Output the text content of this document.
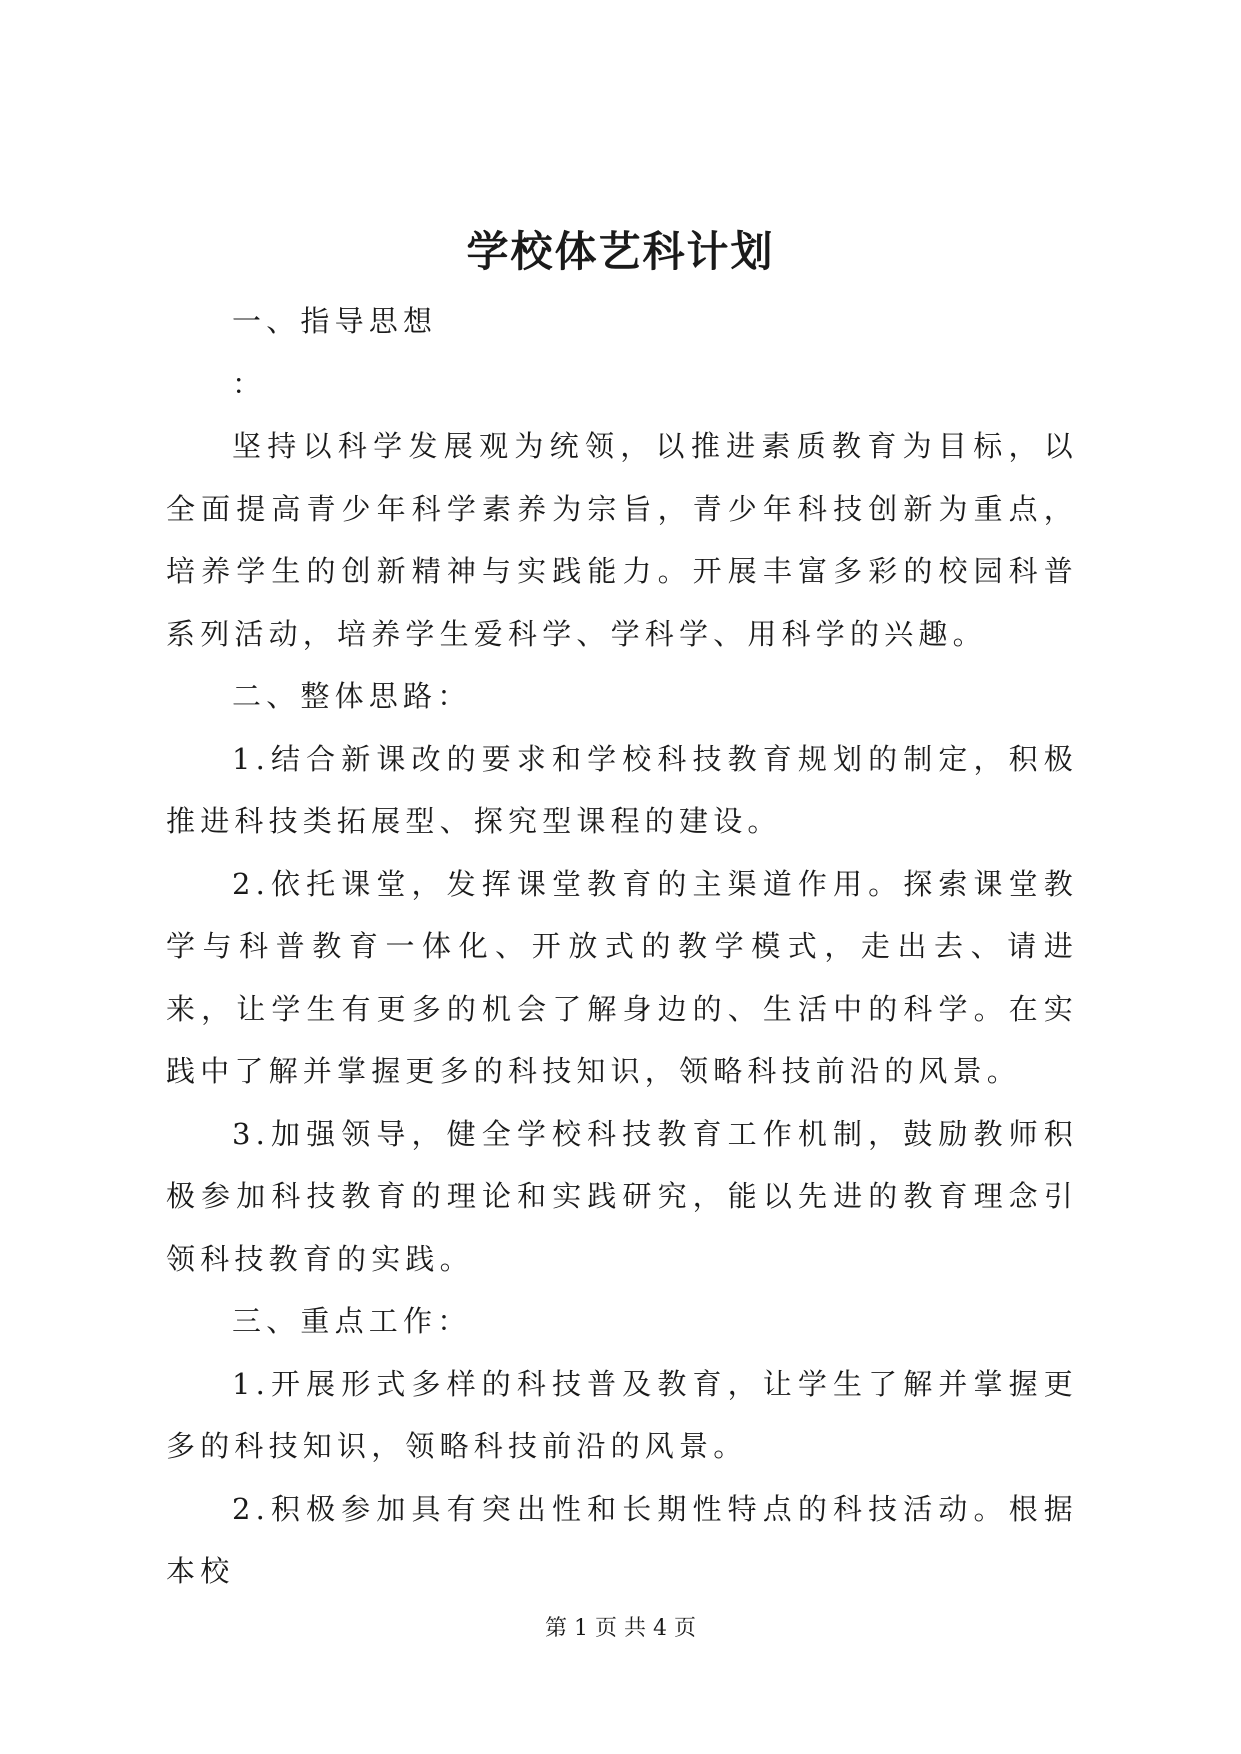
学校体艺科计划

一、指导思想

：

坚持以科学发展观为统领，以推进素质教育为目标，以全面提高青少年科学素养为宗旨，青少年科技创新为重点，培养学生的创新精神与实践能力。开展丰富多彩的校园科普系列活动，培养学生爱科学、学科学、用科学的兴趣。

二、整体思路：

1.结合新课改的要求和学校科技教育规划的制定，积极推进科技类拓展型、探究型课程的建设。

2.依托课堂，发挥课堂教育的主渠道作用。探索课堂教学与科普教育一体化、开放式的教学模式，走出去、请进来，让学生有更多的机会了解身边的、生活中的科学。在实践中了解并掌握更多的科技知识，领略科技前沿的风景。

3.加强领导，健全学校科技教育工作机制，鼓励教师积极参加科技教育的理论和实践研究，能以先进的教育理念引领科技教育的实践。

三、重点工作：

1.开展形式多样的科技普及教育，让学生了解并掌握更多的科技知识，领略科技前沿的风景。

2.积极参加具有突出性和长期性特点的科技活动。根据本校

第 1 页 共 4 页
